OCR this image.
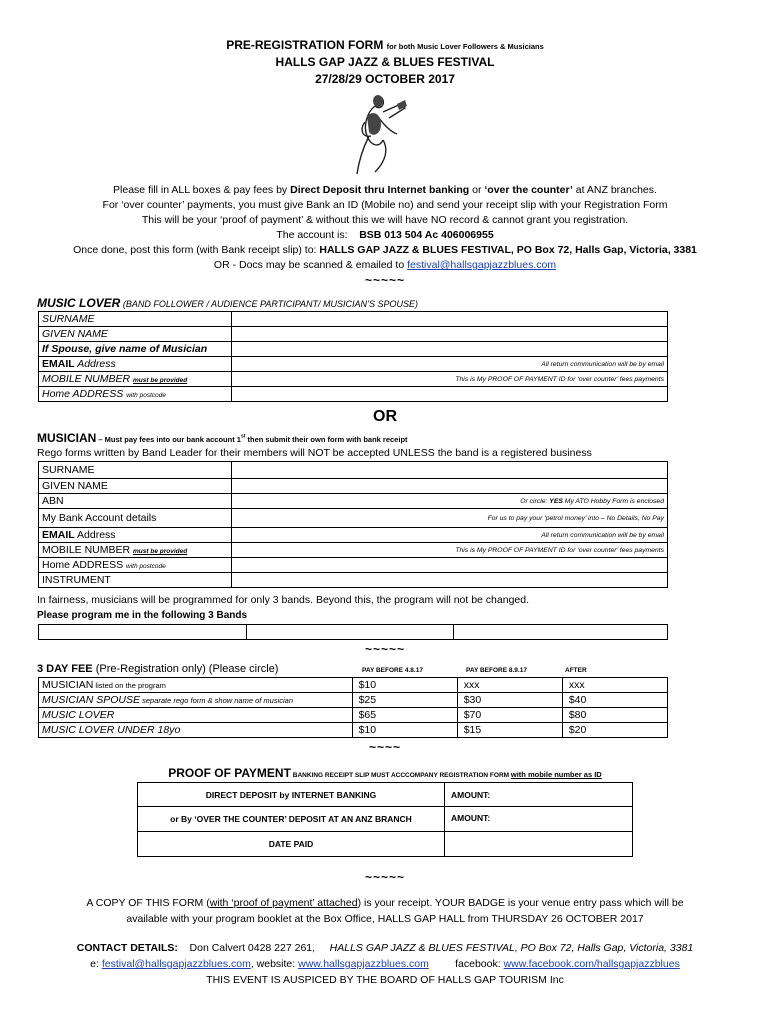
PRE-REGISTRATION FORM for both Music Lover Followers & Musicians
HALLS GAP JAZZ & BLUES FESTIVAL
27/28/29 OCTOBER 2017
Please fill in ALL boxes & pay fees by Direct Deposit thru Internet banking or ‘over the counter’ at ANZ branches.
For ‘over counter’ payments, you must give Bank an ID (Mobile no) and send your receipt slip with your Registration Form
This will be your ‘proof of payment’ & without this we will have NO record & cannot grant you registration.
The account is: BSB 013 504 Ac 406006955
Once done, post this form (with Bank receipt slip) to: HALLS GAP JAZZ & BLUES FESTIVAL, PO Box 72, Halls Gap, Victoria, 3381
OR - Docs may be scanned & emailed to festival@hallsgapjazzblues.com
~~~~~
MUSIC LOVER (BAND FOLLOWER / AUDIENCE PARTICIPANT/ MUSICIAN’S SPOUSE)
SURNAME	
GIVEN NAME	
If Spouse, give name of Musician	
EMAIL Address	All return communication will be by email

MOBILE NUMBER must be provided	This is My PROOF OF PAYMENT ID for ‘over counter’ fees payments

Home ADDRESS with postcode	
OR
MUSICIAN – Must pay fees into our bank account 1st then submit their own form with bank receipt
Rego forms written by Band Leader for their members will NOT be accepted UNLESS the band is a registered business
SURNAME	
GIVEN NAME	
ABN	Or circle: YES My ATO Hobby Form is enclosed

My Bank Account details	For us to pay your ‘petrol money’ into – No Details, No Pay

EMAIL Address	All return communication will be by email

MOBILE NUMBER must be provided	This is My PROOF OF PAYMENT ID for ‘over counter’ fees payments

Home ADDRESS with postcode	
INSTRUMENT	
In fairness, musicians will be programmed for only 3 bands. Beyond this, the program will not be changed.
Please program me in the following 3 Bands

~~~~~
3 DAY FEE (Pre-Registration only) (Please circle)	PAY BEFORE 4.8.17	PAY BEFORE 8.9.17	AFTER
MUSICIAN listed on the program	$10	xxx	xxx
MUSICIAN SPOUSE separate rego form & show name of musician	$25	$30	$40
MUSIC LOVER	$65	$70	$80
MUSIC LOVER UNDER 18yo	$10	$15	$20
~~~~
PROOF OF PAYMENT BANKING RECEIPT SLIP MUST ACCCOMPANY REGISTRATION FORM with mobile number as ID
DIRECT DEPOSIT by INTERNET BANKING	AMOUNT:
or By ‘OVER THE COUNTER’ DEPOSIT AT AN ANZ BRANCH	AMOUNT:
DATE PAID	
~~~~~
A COPY OF THIS FORM (with ‘proof of payment’ attached) is your receipt. YOUR BADGE is your venue entry pass which will be
available with your program booklet at the Box Office, HALLS GAP HALL from THURSDAY 26 OCTOBER 2017
CONTACT DETAILS: Don Calvert 0428 227 261, HALLS GAP JAZZ & BLUES FESTIVAL, PO Box 72, Halls Gap, Victoria, 3381
e: festival@hallsgapjazzblues.com, website: www.hallsgapjazzblues.com	facebook: www.facebook.com/hallsgapjazzblues
THIS EVENT IS AUSPICED BY THE BOARD OF HALLS GAP TOURISM Inc
